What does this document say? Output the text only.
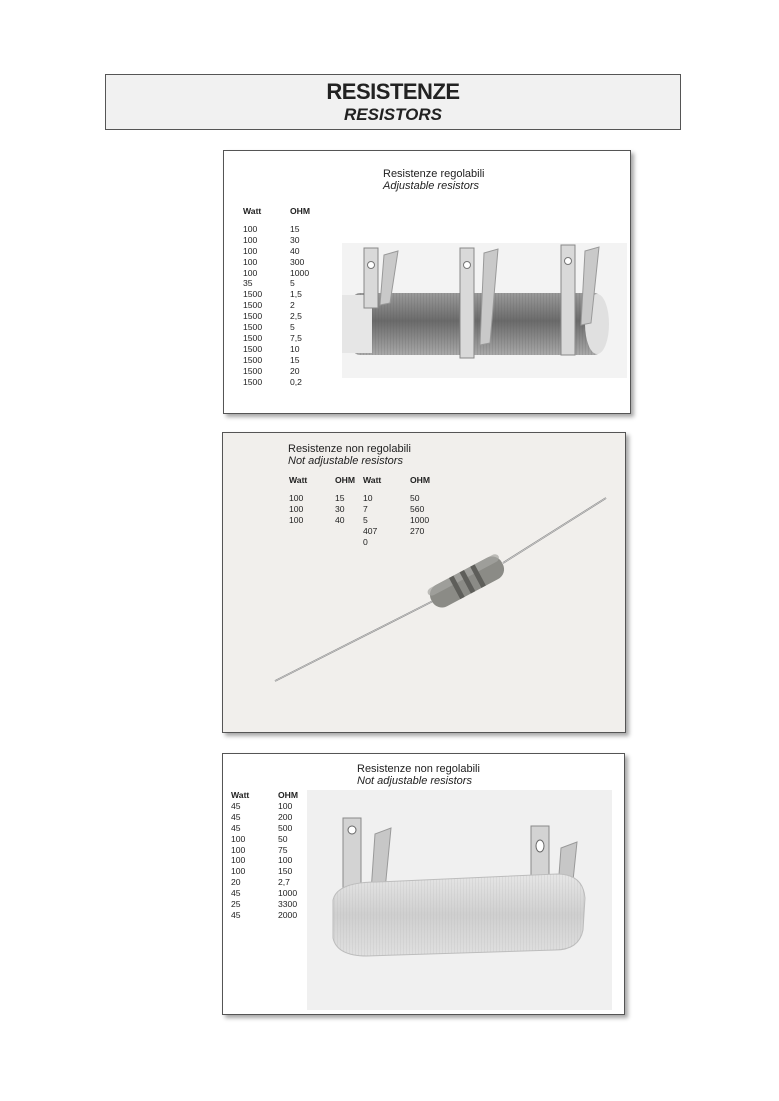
RESISTENZE
RESISTORS
Resistenze regolabili
Adjustable resistors
Watt
100
100
100
100
100
35
1500
1500
1500
1500
1500
1500
1500
1500
1500
OHM
15
30
40
300
1000
5
1,5
2
2,5
5
7,5
10
15
20
0,2
Resistenze non regolabili
Not adjustable resistors
Watt
100
100
100
OHM
15
30
40
Watt
10
7
5
407
0
OHM
50
560
1000
270
Resistenze non regolabili
Not adjustable resistors
Watt
45
45
45
100
100
100
100
20
45
25
45
OHM
100
200
500
50
75
100
150
2,7
1000
3300
2000
